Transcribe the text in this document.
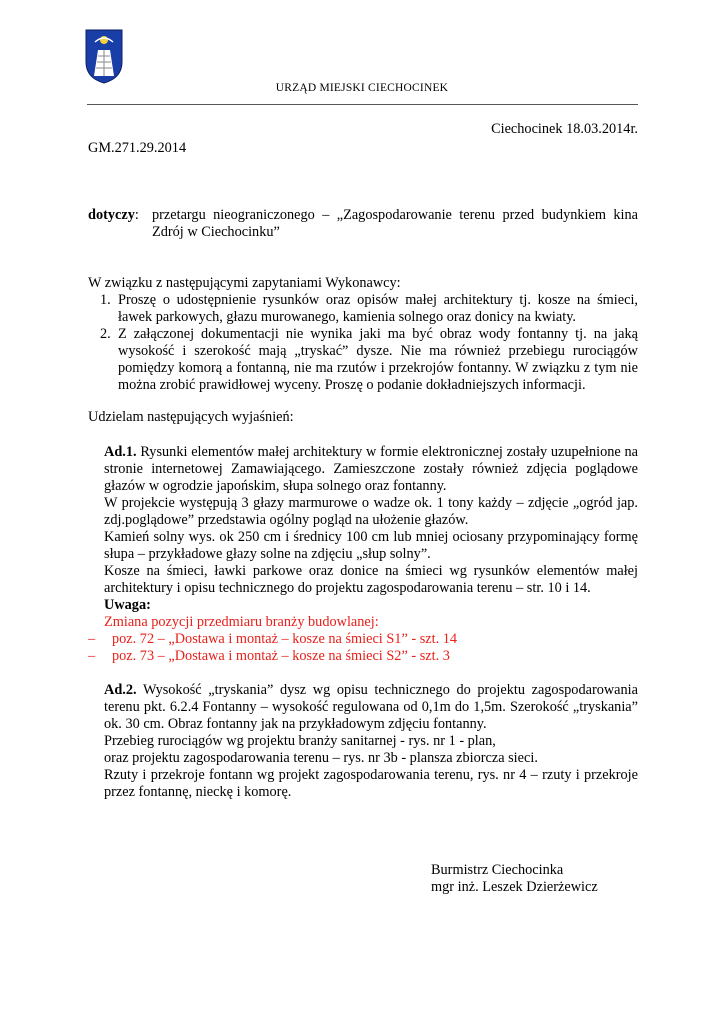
URZĄD MIEJSKI CIECHOCINEK
Ciechocinek 18.03.2014r.
GM.271.29.2014
dotyczy: przetargu nieograniczonego – „Zagospodarowanie terenu przed budynkiem kina Zdrój w Ciechocinku”
W związku z następującymi zapytaniami Wykonawcy:
1. Proszę o udostępnienie rysunków oraz opisów małej architektury tj. kosze na śmieci, ławek parkowych, głazu murowanego, kamienia solnego oraz donicy na kwiaty.
2. Z załączonej dokumentacji nie wynika jaki ma być obraz wody fontanny tj. na jaką wysokość i szerokość mają „tryskać” dysze. Nie ma również przebiegu rurociągów pomiędzy komorą a fontanną, nie ma rzutów i przekrojów fontanny. W związku z tym nie można zrobić prawidłowej wyceny. Proszę o podanie dokładniejszych informacji.
Udzielam następujących wyjaśnień:

Ad.1. Rysunki elementów małej architektury w formie elektronicznej zostały uzupełnione na stronie internetowej Zamawiającego. Zamieszczone zostały również zdjęcia poglądowe głazów w ogrodzie japońskim, słupa solnego oraz fontanny.

W projekcie występują 3 głazy marmurowe o wadze ok. 1 tony każdy – zdjęcie „ogród jap. zdj.poglądowe” przedstawia ogólny pogląd na ułożenie głazów.

Kamień solny wys. ok 250 cm i średnicy 100 cm lub mniej ociosany przypominający formę słupa – przykładowe głazy solne na zdjęciu „słup solny”.

Kosze na śmieci, ławki parkowe oraz donice na śmieci wg rysunków elementów małej architektury i opisu technicznego do projektu zagospodarowania terenu – str. 10 i 14.

Uwaga:

Zmiana pozycji przedmiaru branży budowlanej:

– poz. 72 – „Dostawa i montaż – kosze na śmieci S1” - szt. 14
– poz. 73 – „Dostawa i montaż – kosze na śmieci S2” - szt. 3

Ad.2. Wysokość „tryskania” dysz wg opisu technicznego do projektu zagospodarowania terenu pkt. 6.2.4 Fontanny – wysokość regulowana od 0,1m do 1,5m. Szerokość „tryskania” ok. 30 cm. Obraz fontanny jak na przykładowym zdjęciu fontanny.

Przebieg rurociągów wg projektu branży sanitarnej - rys. nr 1 - plan,

oraz projektu zagospodarowania terenu – rys. nr 3b - plansza zbiorcza sieci.

Rzuty i przekroje fontann wg projekt zagospodarowania terenu, rys. nr 4 – rzuty i przekroje przez fontannę, nieckę i komorę.

Burmistrz Ciechocinka
mgr inż. Leszek Dzierżewicz
